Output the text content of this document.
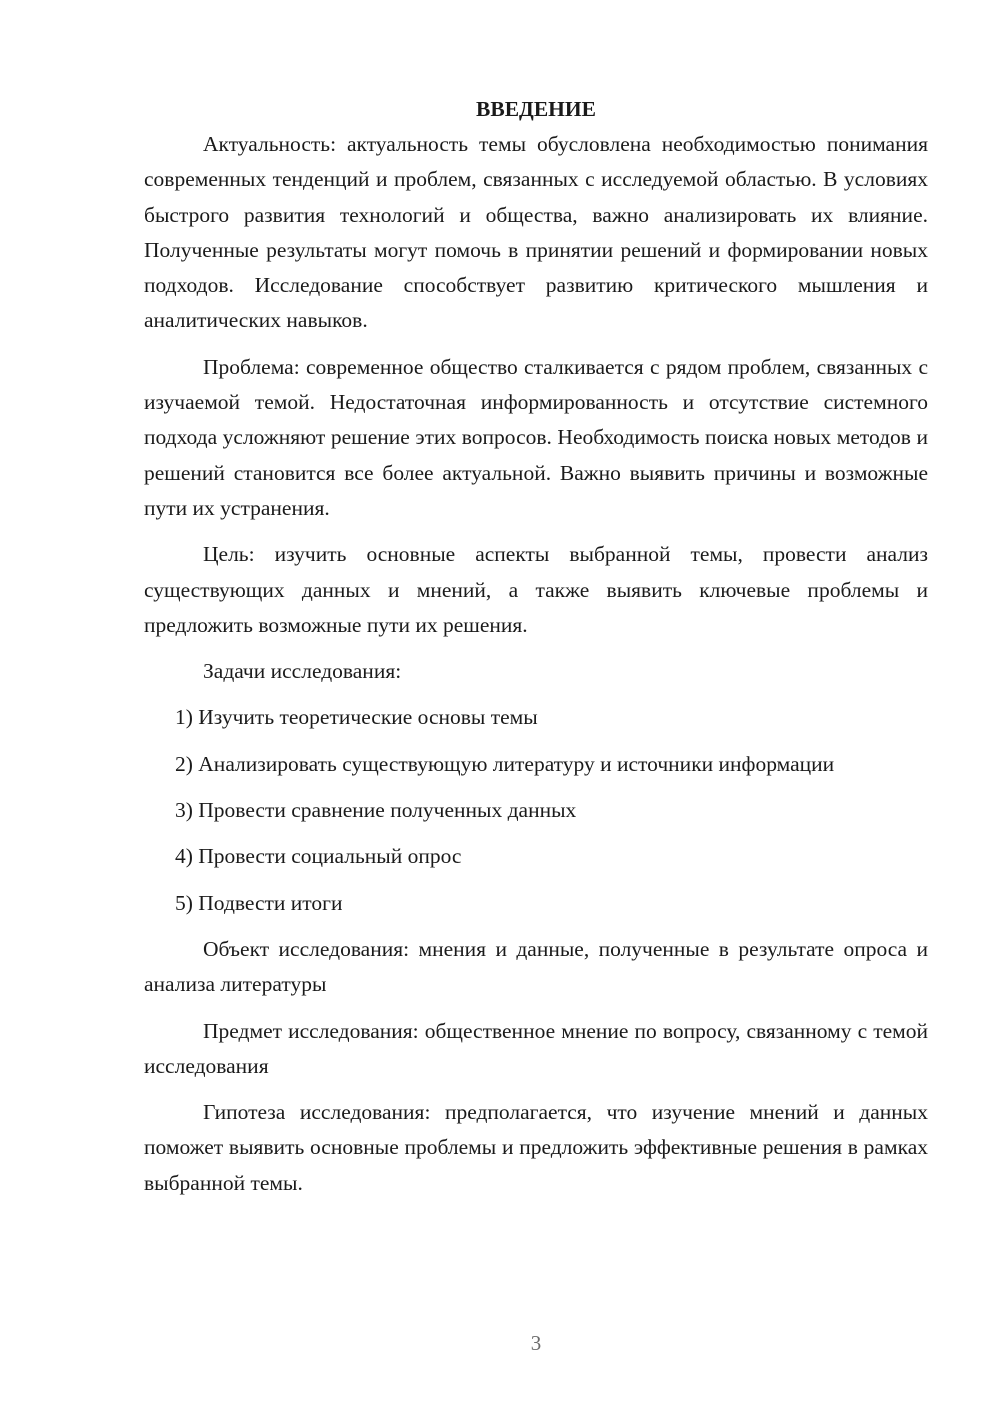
ВВЕДЕНИЕ

Актуальность: актуальность темы обусловлена необходимостью понимания современных тенденций и проблем, связанных с исследуемой областью. В условиях быстрого развития технологий и общества, важно анализировать их влияние. Полученные результаты могут помочь в принятии решений и формировании новых подходов. Исследование способствует развитию критического мышления и аналитических навыков.

Проблема: современное общество сталкивается с рядом проблем, связанных с изучаемой темой. Недостаточная информированность и отсутствие системного подхода усложняют решение этих вопросов. Необходимость поиска новых методов и решений становится все более актуальной. Важно выявить причины и возможные пути их устранения.

Цель: изучить основные аспекты выбранной темы, провести анализ существующих данных и мнений, а также выявить ключевые проблемы и предложить возможные пути их решения.

Задачи исследования:

1) Изучить теоретические основы темы

2) Анализировать существующую литературу и источники информации

3) Провести сравнение полученных данных

4) Провести социальный опрос

5) Подвести итоги

Объект исследования: мнения и данные, полученные в результате опроса и анализа литературы

Предмет исследования: общественное мнение по вопросу, связанному с темой исследования

Гипотеза исследования: предполагается, что изучение мнений и данных поможет выявить основные проблемы и предложить эффективные решения в рамках выбранной темы.

3
